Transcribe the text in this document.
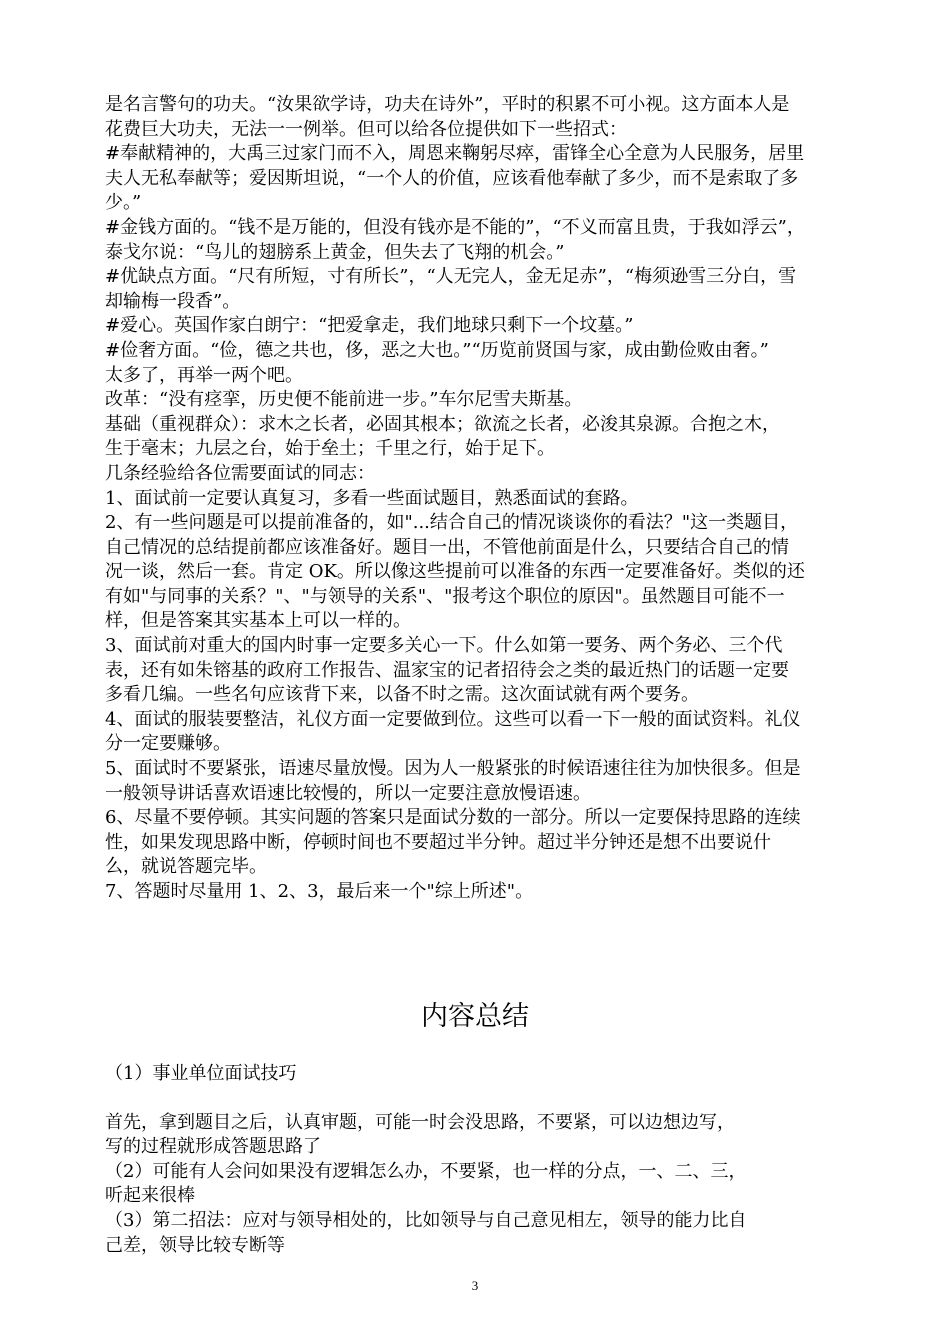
是名言警句的功夫。“汝果欲学诗，功夫在诗外”，平时的积累不可小视。这方面本人是
花费巨大功夫，无法一一例举。但可以给各位提供如下一些招式：
#奉献精神的，大禹三过家门而不入，周恩来鞠躬尽瘁，雷锋全心全意为人民服务，居里
夫人无私奉献等；爱因斯坦说，“一个人的价值，应该看他奉献了多少，而不是索取了多
少。”
#金钱方面的。“钱不是万能的，但没有钱亦是不能的”，“不义而富且贵，于我如浮云”，
泰戈尔说：“鸟儿的翅膀系上黄金，但失去了飞翔的机会。”
#优缺点方面。“尺有所短，寸有所长”，“人无完人，金无足赤”，“梅须逊雪三分白，雪
却输梅一段香”。
#爱心。英国作家白朗宁：“把爱拿走，我们地球只剩下一个坟墓。”
#俭奢方面。“俭，德之共也，侈，恶之大也。”“历览前贤国与家，成由勤俭败由奢。”
太多了，再举一两个吧。
改革：“没有痉挛，历史便不能前进一步。”车尔尼雪夫斯基。
基础（重视群众）：求木之长者，必固其根本；欲流之长者，必浚其泉源。合抱之木，
生于毫末；九层之台，始于垒土；千里之行，始于足下。
几条经验给各位需要面试的同志：
1、面试前一定要认真复习，多看一些面试题目，熟悉面试的套路。
2、有一些问题是可以提前准备的，如"...结合自己的情况谈谈你的看法？"这一类题目，
自己情况的总结提前都应该准备好。题目一出，不管他前面是什么，只要结合自己的情
况一谈，然后一套。肯定 OK。所以像这些提前可以准备的东西一定要准备好。类似的还
有如"与同事的关系？"、"与领导的关系"、"报考这个职位的原因"。虽然题目可能不一
样，但是答案其实基本上可以一样的。
3、面试前对重大的国内时事一定要多关心一下。什么如第一要务、两个务必、三个代
表，还有如朱镕基的政府工作报告、温家宝的记者招待会之类的最近热门的话题一定要
多看几编。一些名句应该背下来，以备不时之需。这次面试就有两个要务。
4、面试的服装要整洁，礼仪方面一定要做到位。这些可以看一下一般的面试资料。礼仪
分一定要赚够。
5、面试时不要紧张，语速尽量放慢。因为人一般紧张的时候语速往往为加快很多。但是
一般领导讲话喜欢语速比较慢的，所以一定要注意放慢语速。
6、尽量不要停顿。其实问题的答案只是面试分数的一部分。所以一定要保持思路的连续
性，如果发现思路中断，停顿时间也不要超过半分钟。超过半分钟还是想不出要说什
么，就说答题完毕。
7、答题时尽量用 1、2、3，最后来一个"综上所述"。
内容总结
（1）事业单位面试技巧
首先，拿到题目之后，认真审题，可能一时会没思路，不要紧，可以边想边写，
写的过程就形成答题思路了
（2）可能有人会问如果没有逻辑怎么办，不要紧，也一样的分点，一、二、三，
听起来很棒
（3）第二招法：应对与领导相处的，比如领导与自己意见相左，领导的能力比自
己差，领导比较专断等
3
